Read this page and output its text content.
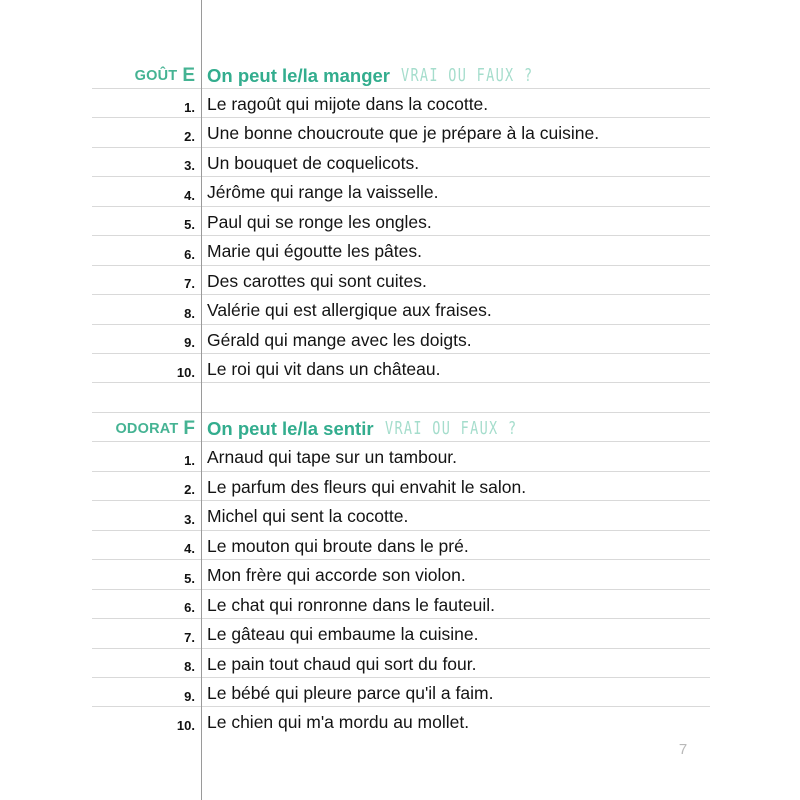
GOÛT E On peut le/la manger VRAI OU FAUX ?
1. Le ragoût qui mijote dans la cocotte.
2. Une bonne choucroute que je prépare à la cuisine.
3. Un bouquet de coquelicots.
4. Jérôme qui range la vaisselle.
5. Paul qui se ronge les ongles.
6. Marie qui égoutte les pâtes.
7. Des carottes qui sont cuites.
8. Valérie qui est allergique aux fraises.
9. Gérald qui mange avec les doigts.
10. Le roi qui vit dans un château.
ODORAT F On peut le/la sentir VRAI OU FAUX ?
1. Arnaud qui tape sur un tambour.
2. Le parfum des fleurs qui envahit le salon.
3. Michel qui sent la cocotte.
4. Le mouton qui broute dans le pré.
5. Mon frère qui accorde son violon.
6. Le chat qui ronronne dans le fauteuil.
7. Le gâteau qui embaume la cuisine.
8. Le pain tout chaud qui sort du four.
9. Le bébé qui pleure parce qu'il a faim.
10. Le chien qui m'a mordu au mollet.
7
